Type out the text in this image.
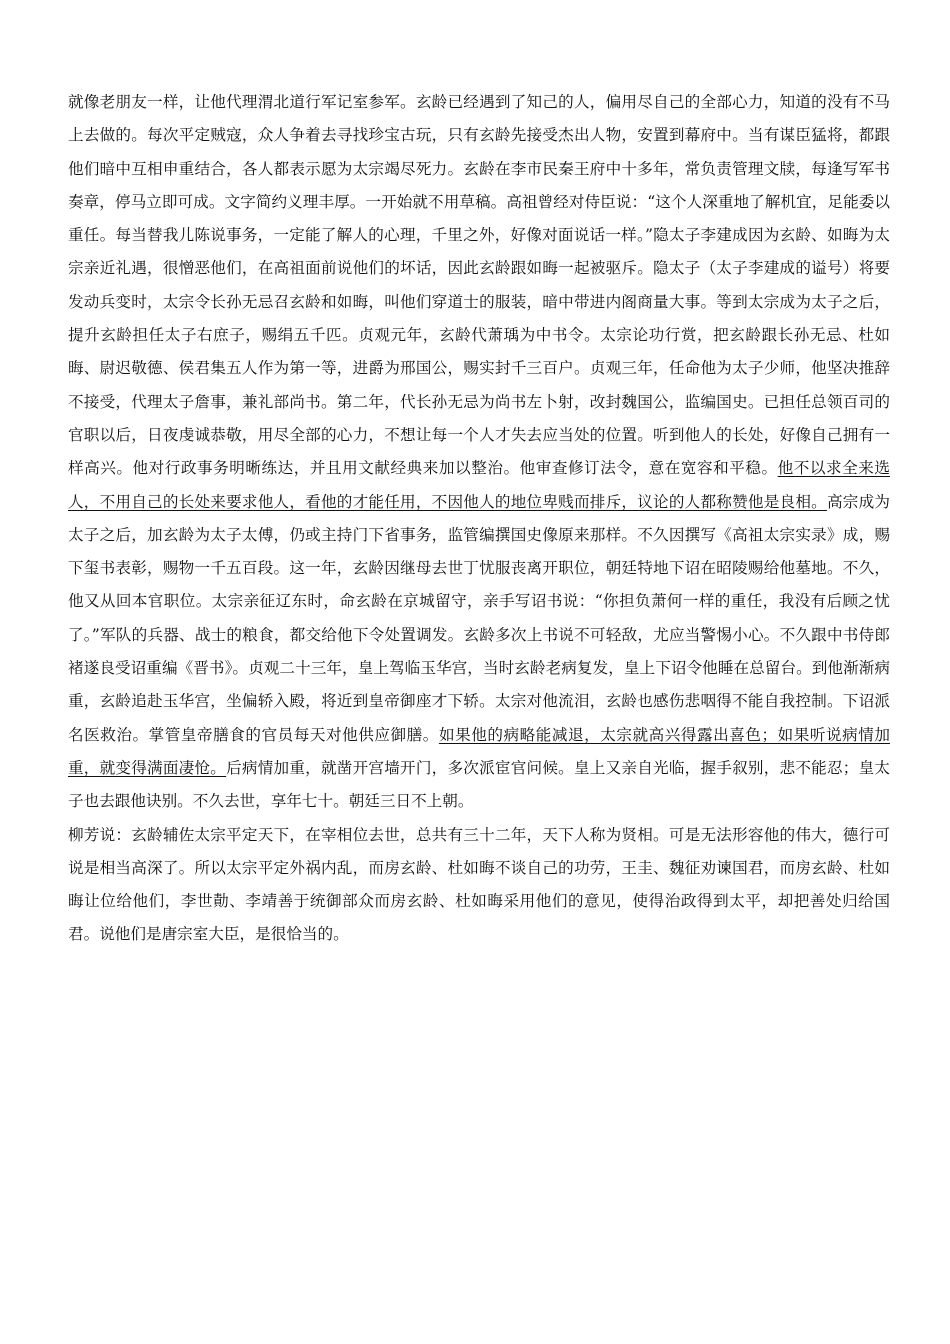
就像老朋友一样，让他代理渭北道行军记室参军。玄龄已经遇到了知己的人，偏用尽自己的全部心力，知道的没有不马上去做的。每次平定贼寇，众人争着去寻找珍宝古玩，只有玄龄先接受杰出人物，安置到幕府中。当有谋臣猛将，都跟他们暗中互相申重结合，各人都表示愿为太宗竭尽死力。玄龄在李市民秦王府中十多年，常负责管理文牍，每逢写军书奏章，停马立即可成。文字简约义理丰厚。一开始就不用草稿。高祖曾经对侍臣说：“这个人深重地了解机宜，足能委以重任。每当替我儿陈说事务，一定能了解人的心理，千里之外，好像对面说话一样。”隐太子李建成因为玄龄、如晦为太宗亲近礼遇，很憎恶他们，在高祖面前说他们的坏话，因此玄龄跟如晦一起被驱斥。隐太子（太子李建成的谥号）将要发动兵变时，太宗令长孙无忌召玄龄和如晦，叫他们穿道士的服装，暗中带进内阁商量大事。等到太宗成为太子之后，提升玄龄担任太子右庶子，赐绢五千匹。贞观元年，玄龄代萧瑀为中书令。太宗论功行赏，把玄龄跟长孙无忌、杜如晦、尉迟敬德、侯君集五人作为第一等，进爵为邢国公，赐实封千三百户。贞观三年，任命他为太子少师，他坚决推辞不接受，代理太子詹事，兼礼部尚书。第二年，代长孙无忌为尚书左卜射，改封魏国公，监编国史。已担任总领百司的官职以后，日夜虔诚恭敬，用尽全部的心力，不想让每一个人才失去应当处的位置。听到他人的长处，好像自己拥有一样高兴。他对行政事务明晰练达，并且用文献经典来加以整治。他审查修订法令，意在宽容和平稳。他不以求全来选人，不用自己的长处来要求他人，看他的才能任用，不因他人的地位卑贱而排斥，议论的人都称赞他是良相。高宗成为太子之后，加玄龄为太子太傅，仍或主持门下省事务，监管编撰国史像原来那样。不久因撰写《高祖太宗实录》成，赐下玺书表彰，赐物一千五百段。这一年，玄龄因继母去世丁忧服丧离开职位，朝廷特地下诏在昭陵赐给他墓地。不久，他又从回本官职位。太宗亲征辽东时，命玄龄在京城留守，亲手写诏书说：“你担负萧何一样的重任，我没有后顾之忧了。”军队的兵器、战士的粮食，都交给他下令处置调发。玄龄多次上书说不可轻敌，尤应当警惕小心。不久跟中书侍郎褚遂良受诏重编《晋书》。贞观二十三年，皇上驾临玉华宫，当时玄龄老病复发，皇上下诏令他睡在总留台。到他渐渐病重，玄龄追赴玉华宫，坐偏轿入殿，将近到皇帝御座才下轿。太宗对他流泪，玄龄也感伤悲咽得不能自我控制。下诏派名医救治。掌管皇帝膳食的官员每天对他供应御膳。如果他的病略能减退，太宗就高兴得露出喜色；如果听说病情加重，就变得满面凄怆。后病情加重，就凿开宫墙开门，多次派宦官问候。皇上又亲自光临，握手叙别，悲不能忍；皇太子也去跟他诀别。不久去世，享年七十。朝廷三日不上朝。

柳芳说：玄龄辅佐太宗平定天下，在宰相位去世，总共有三十二年，天下人称为贤相。可是无法形容他的伟大，德行可说是相当高深了。所以太宗平定外祸内乱，而房玄龄、杜如晦不谈自己的功劳，王圭、魏征劝谏国君，而房玄龄、杜如晦让位给他们，李世勣、李靖善于统御部众而房玄龄、杜如晦采用他们的意见，使得治政得到太平，却把善处归给国君。说他们是唐宗室大臣，是很恰当的。
